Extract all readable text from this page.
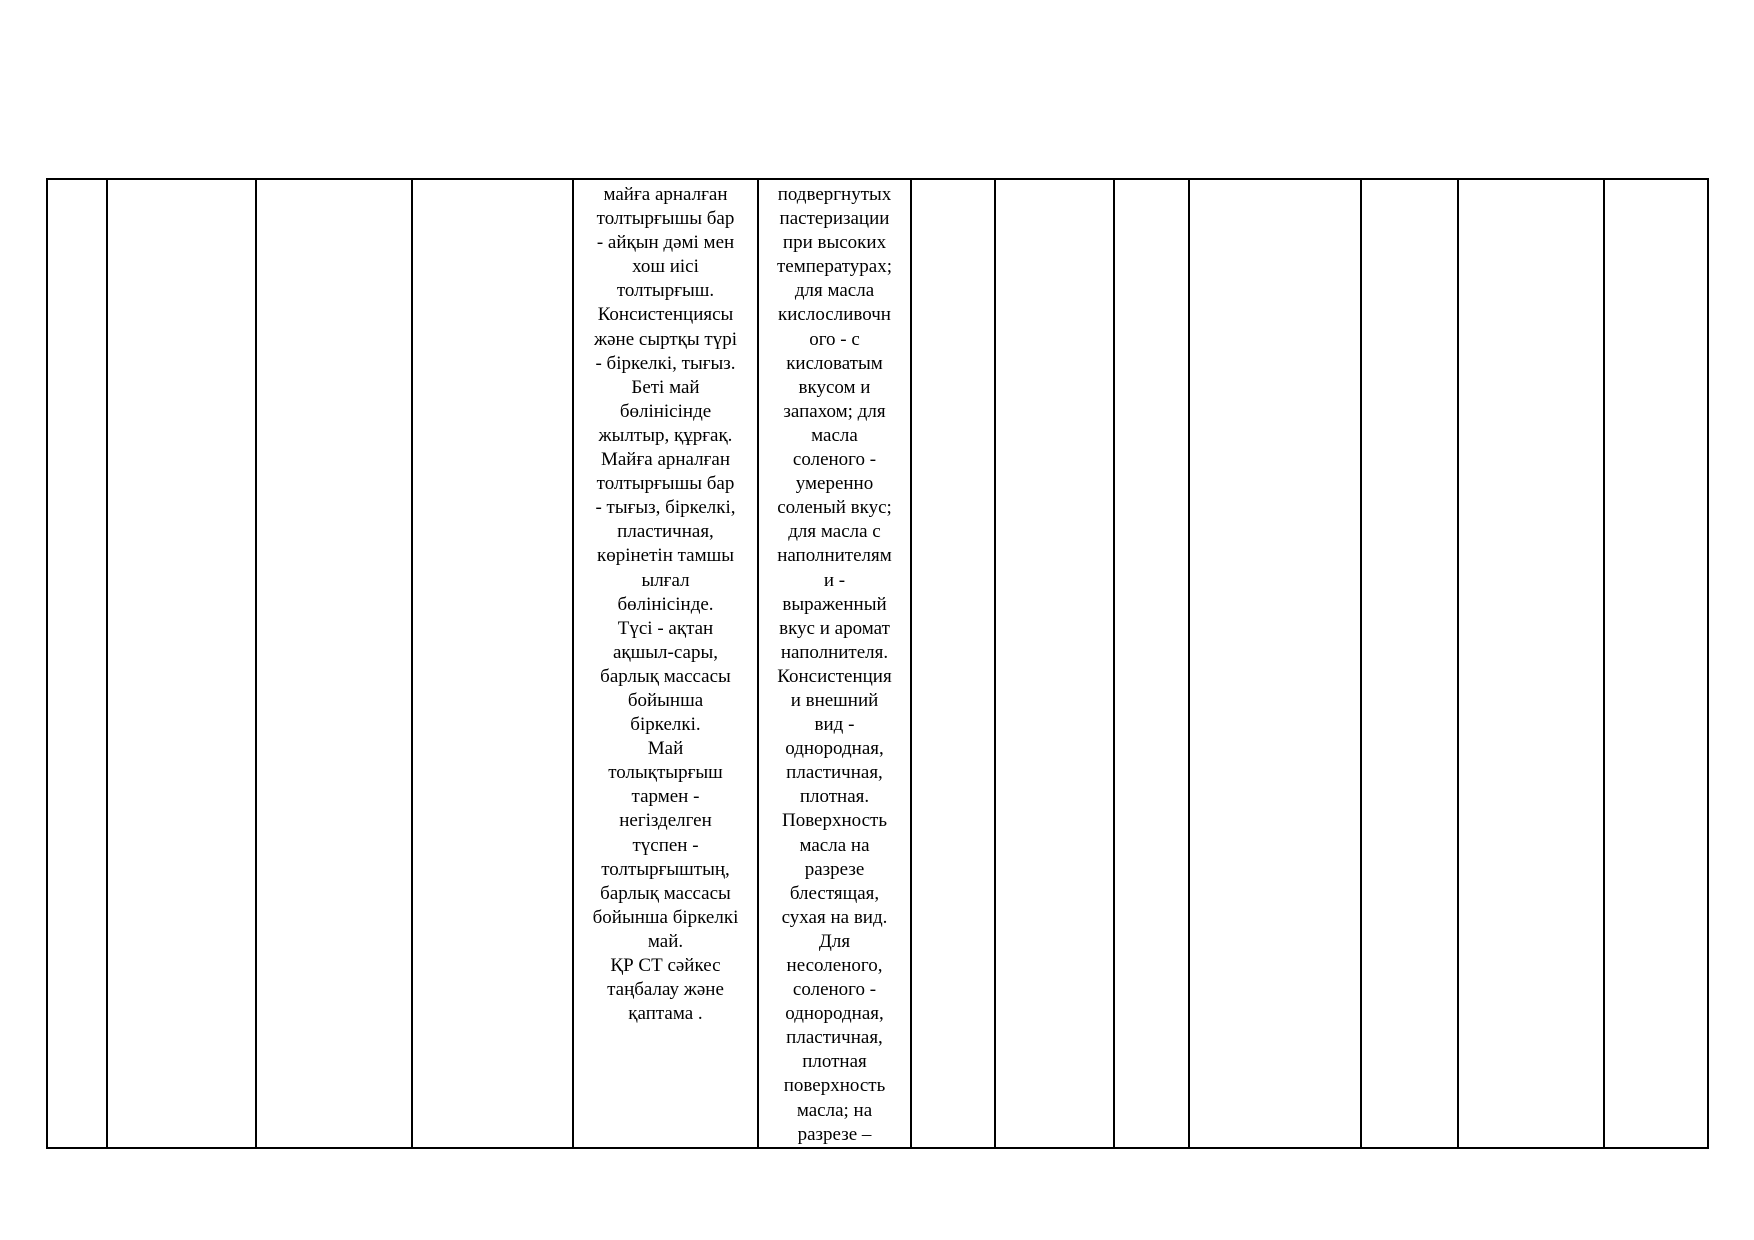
майға арналған
толтырғышы бар
- айқын дәмі мен
хош иісі
толтырғыш.
Консистенциясы
және сыртқы түрі
- біркелкі, тығыз.
Беті май
бөлінісінде
жылтыр, құрғақ.
Майға арналған
толтырғышы бар
- тығыз, біркелкі,
пластичная,
көрінетін тамшы
ылғал
бөлінісінде.
Түсі - ақтан
ақшыл-сары,
барлық массасы
бойынша
біркелкі.
Май
толықтырғыш
тармен -
негізделген
түспен -
толтырғыштың,
барлық массасы
бойынша біркелкі
май.
ҚР СТ сәйкес
таңбалау және
қаптама .

подвергнутых
пастеризации
при высоких
температурах;
для масла
кислосливочн
ого - с
кисловатым
вкусом и
запахом; для
масла
соленого -
умеренно
соленый вкус;
для масла с
наполнителям
и -
выраженный
вкус и аромат
наполнителя.
Консистенция
и внешний
вид -
однородная,
пластичная,
плотная.
Поверхность
масла на
разрезе
блестящая,
сухая на вид.
Для
несоленого,
соленого -
однородная,
пластичная,
плотная
поверхность
масла; на
разрезе –
